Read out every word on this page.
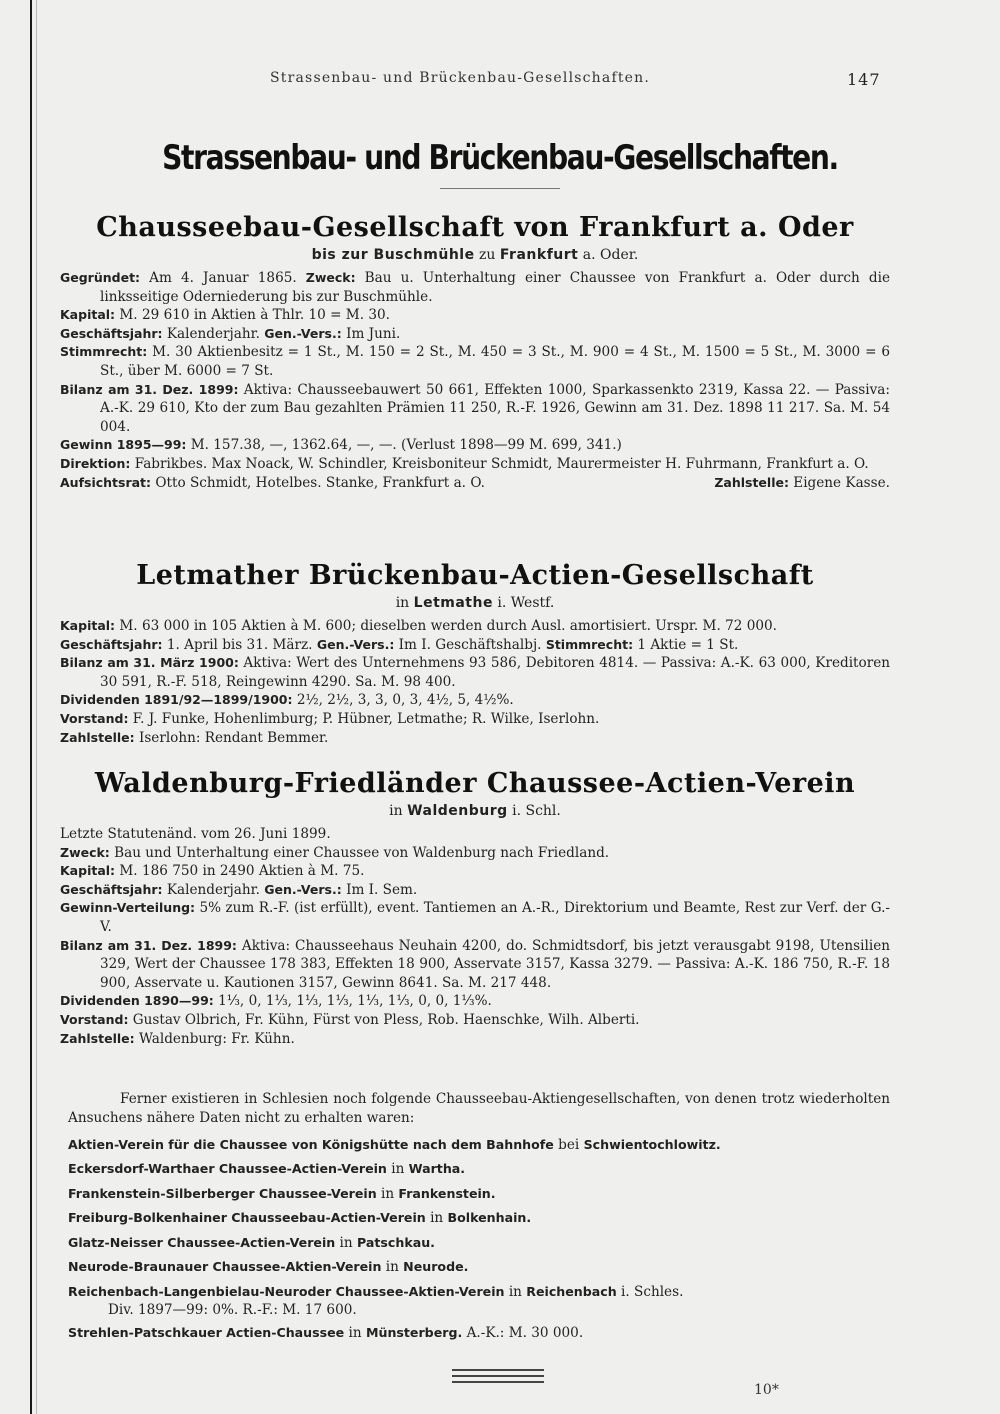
Strassenbau- und Brückenbau-Gesellschaften.	147
Strassenbau- und Brückenbau-Gesellschaften.
Chausseebau-Gesellschaft von Frankfurt a. Oder
bis zur Buschmühle zu Frankfurt a. Oder.

Gegründet: Am 4. Januar 1865. Zweck: Bau u. Unterhaltung einer Chaussee von Frankfurt a. Oder durch die linksseitige Oderniederung bis zur Buschmühle.

Kapital: M. 29 610 in Aktien à Thlr. 10 = M. 30.

Geschäftsjahr: Kalenderjahr. Gen.-Vers.: Im Juni.

Stimmrecht: M. 30 Aktienbesitz = 1 St., M. 150 = 2 St., M. 450 = 3 St., M. 900 = 4 St., M. 1500 = 5 St., M. 3000 = 6 St., über M. 6000 = 7 St.

Bilanz am 31. Dez. 1899: Aktiva: Chausseebauwert 50 661, Effekten 1000, Sparkassenkto 2319, Kassa 22. — Passiva: A.-K. 29 610, Kto der zum Bau gezahlten Prämien 11 250, R.-F. 1926, Gewinn am 31. Dez. 1898 11 217. Sa. M. 54 004.

Gewinn 1895—99: M. 157.38, —, 1362.64, —, —. (Verlust 1898—99 M. 699, 341.)

Direktion: Fabrikbes. Max Noack, W. Schindler, Kreisboniteur Schmidt, Maurermeister H. Fuhrmann, Frankfurt a. O.

Aufsichtsrat: Otto Schmidt, Hotelbes. Stanke, Frankfurt a. O.	Zahlstelle: Eigene Kasse.

Letmather Brückenbau-Actien-Gesellschaft
in Letmathe i. Westf.

Kapital: M. 63 000 in 105 Aktien à M. 600; dieselben werden durch Ausl. amortisiert. Urspr. M. 72 000.

Geschäftsjahr: 1. April bis 31. März. Gen.-Vers.: Im I. Geschäftshalbj. Stimmrecht: 1 Aktie = 1 St.

Bilanz am 31. März 1900: Aktiva: Wert des Unternehmens 93 586, Debitoren 4814. — Passiva: A.-K. 63 000, Kreditoren 30 591, R.-F. 518, Reingewinn 4290. Sa. M. 98 400.

Dividenden 1891/92—1899/1900: 2½, 2½, 3, 3, 0, 3, 4½, 5, 4½%.

Vorstand: F. J. Funke, Hohenlimburg; P. Hübner, Letmathe; R. Wilke, Iserlohn.

Zahlstelle: Iserlohn: Rendant Bemmer.

Waldenburg-Friedländer Chaussee-Actien-Verein
in Waldenburg i. Schl.

Letzte Statutenänd. vom 26. Juni 1899.

Zweck: Bau und Unterhaltung einer Chaussee von Waldenburg nach Friedland.

Kapital: M. 186 750 in 2490 Aktien à M. 75.

Geschäftsjahr: Kalenderjahr. Gen.-Vers.: Im I. Sem.

Gewinn-Verteilung: 5% zum R.-F. (ist erfüllt), event. Tantiemen an A.-R., Direktorium und Beamte, Rest zur Verf. der G.-V.

Bilanz am 31. Dez. 1899: Aktiva: Chausseehaus Neuhain 4200, do. Schmidtsdorf, bis jetzt verausgabt 9198, Utensilien 329, Wert der Chaussee 178 383, Effekten 18 900, Asservate 3157, Kassa 3279. — Passiva: A.-K. 186 750, R.-F. 18 900, Asservate u. Kautionen 3157, Gewinn 8641. Sa. M. 217 448.

Dividenden 1890—99: 1⅓, 0, 1⅓, 1⅓, 1⅓, 1⅓, 1⅓, 0, 0, 1⅓%.

Vorstand: Gustav Olbrich, Fr. Kühn, Fürst von Pless, Rob. Haenschke, Wilh. Alberti.

Zahlstelle: Waldenburg: Fr. Kühn.

Ferner existieren in Schlesien noch folgende Chausseebau-Aktiengesellschaften, von denen trotz wiederholten Ansuchens nähere Daten nicht zu erhalten waren:

Aktien-Verein für die Chaussee von Königshütte nach dem Bahnhofe bei Schwientochlowitz.

Eckersdorf-Warthaer Chaussee-Actien-Verein in Wartha.

Frankenstein-Silberberger Chaussee-Verein in Frankenstein.

Freiburg-Bolkenhainer Chausseebau-Actien-Verein in Bolkenhain.

Glatz-Neisser Chaussee-Actien-Verein in Patschkau.

Neurode-Braunauer Chaussee-Aktien-Verein in Neurode.

Reichenbach-Langenbielau-Neuroder Chaussee-Aktien-Verein in Reichenbach i. Schles.

Div. 1897—99: 0%. R.-F.: M. 17 600.

Strehlen-Patschkauer Actien-Chaussee in Münsterberg. A.-K.: M. 30 000.

10*
